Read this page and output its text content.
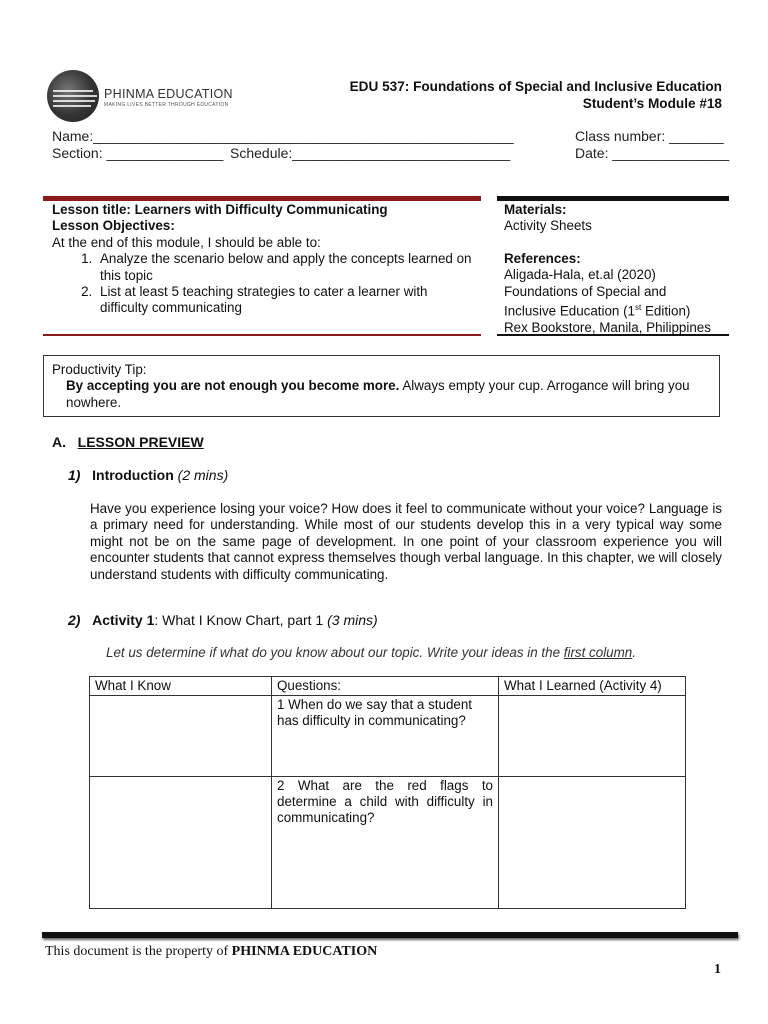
PHINMA EDUCATION
MAKING LIVES BETTER THROUGH EDUCATION
EDU 537: Foundations of Special and Inclusive Education
Student’s Module #18
Name:______________________________________________________	Class number: _______
Section: _______________ Schedule:____________________________	Date: _______________
Lesson title: Learners with Difficulty Communicating
Lesson Objectives:
At the end of this module, I should be able to:
1. Analyze the scenario below and apply the concepts learned on this topic
2. List at least 5 teaching strategies to cater a learner with difficulty communicating
Materials:
Activity Sheets
References:
Aligada-Hala, et.al (2020)
Foundations of Special and
Inclusive Education (1st Edition)
Rex Bookstore, Manila, Philippines
Productivity Tip:
By accepting you are not enough you become more. Always empty your cup. Arrogance will bring you nowhere.
A. LESSON PREVIEW
1) Introduction (2 mins)
Have you experience losing your voice? How does it feel to communicate without your voice? Language is a primary need for understanding. While most of our students develop this in a very typical way some might not be on the same page of development. In one point of your classroom experience you will encounter students that cannot express themselves though verbal language. In this chapter, we will closely understand students with difficulty communicating.
2) Activity 1: What I Know Chart, part 1 (3 mins)
Let us determine if what do you know about our topic. Write your ideas in the first column.
What I Know	Questions:	What I Learned (Activity 4)
	1 When do we say that a student has difficulty in communicating?	
	2 What are the red flags to determine a child with difficulty in communicating?	
This document is the property of PHINMA EDUCATION
1
